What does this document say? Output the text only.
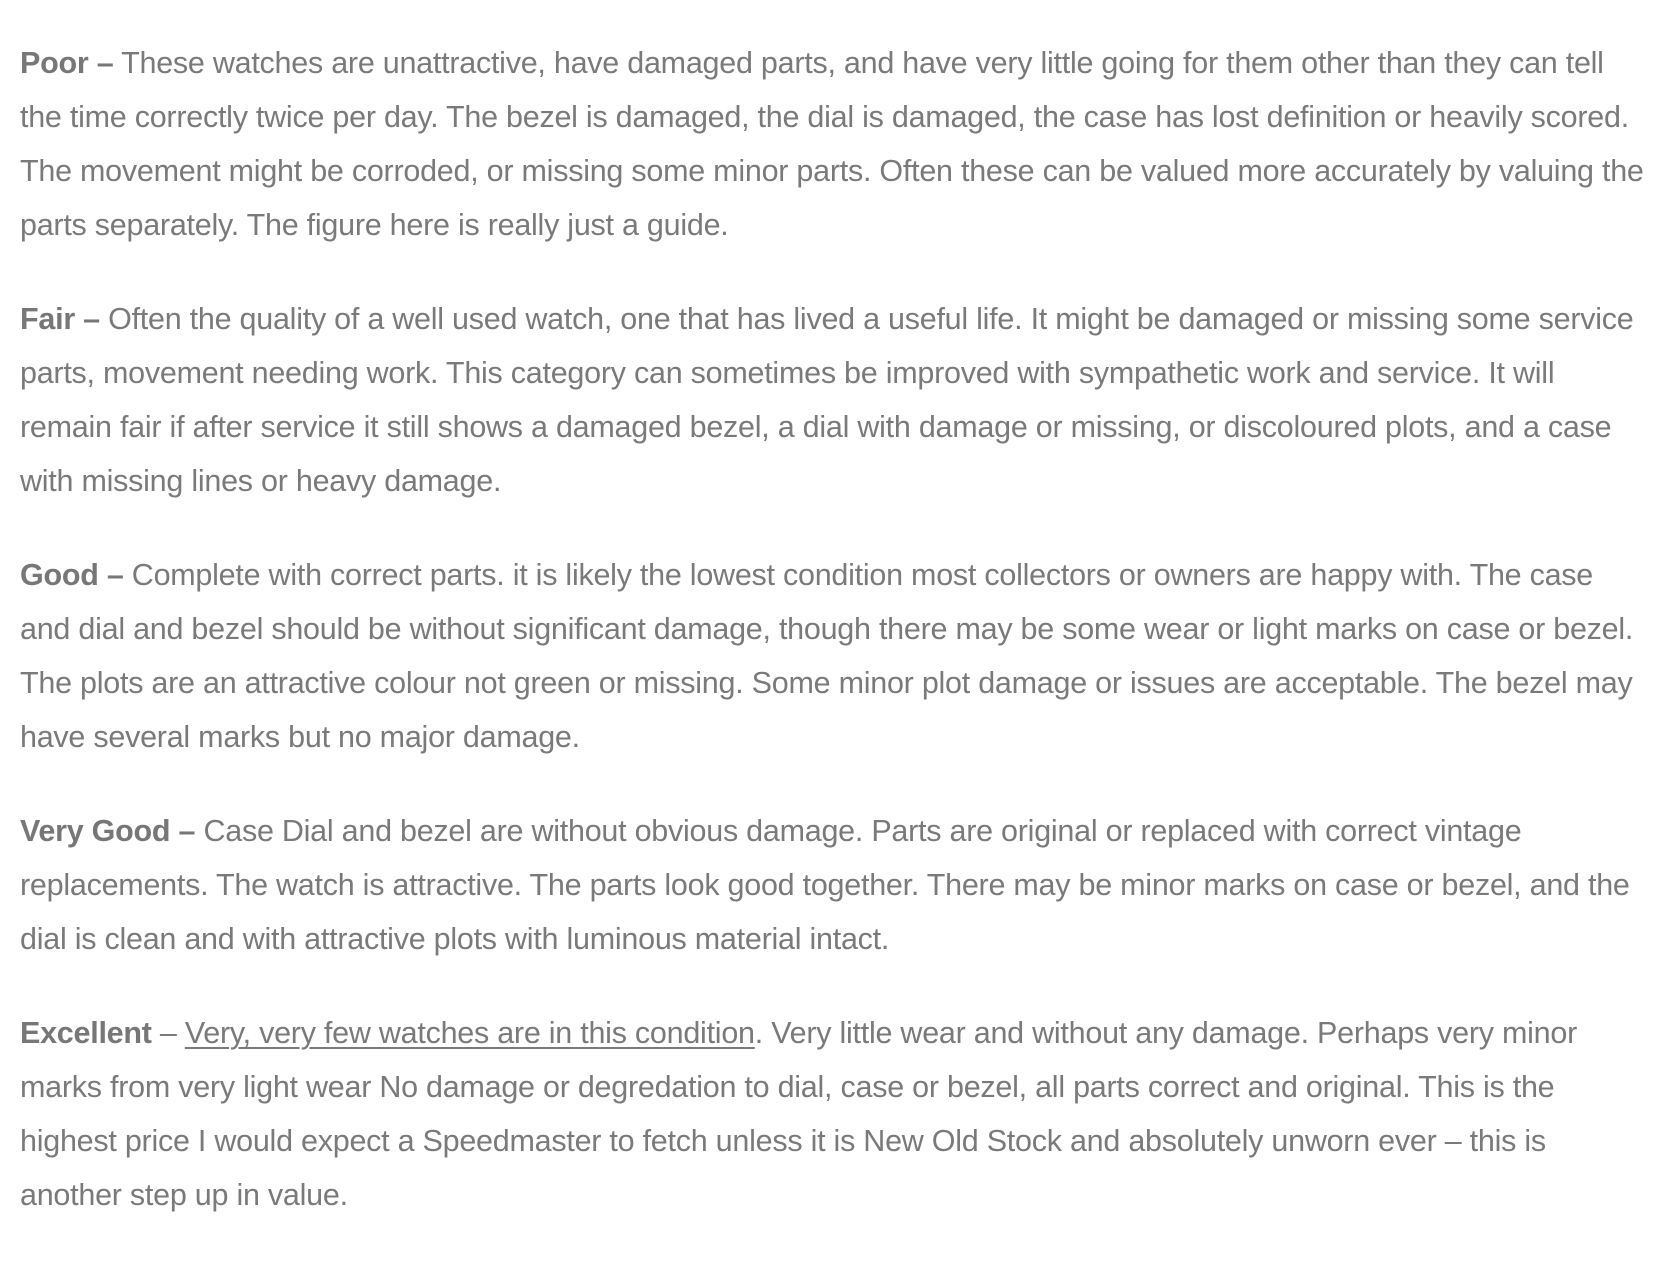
Poor – These watches are unattractive, have damaged parts, and have very little going for them other than they can tell the time correctly twice per day. The bezel is damaged, the dial is damaged, the case has lost definition or heavily scored. The movement might be corroded, or missing some minor parts. Often these can be valued more accurately by valuing the parts separately. The figure here is really just a guide.

Fair – Often the quality of a well used watch, one that has lived a useful life. It might be damaged or missing some service parts, movement needing work. This category can sometimes be improved with sympathetic work and service. It will remain fair if after service it still shows a damaged bezel, a dial with damage or missing, or discoloured plots, and a case with missing lines or heavy damage.

Good – Complete with correct parts. it is likely the lowest condition most collectors or owners are happy with. The case and dial and bezel should be without significant damage, though there may be some wear or light marks on case or bezel. The plots are an attractive colour not green or missing. Some minor plot damage or issues are acceptable. The bezel may have several marks but no major damage.

Very Good – Case Dial and bezel are without obvious damage. Parts are original or replaced with correct vintage replacements. The watch is attractive. The parts look good together. There may be minor marks on case or bezel, and the dial is clean and with attractive plots with luminous material intact.

Excellent – Very, very few watches are in this condition. Very little wear and without any damage. Perhaps very minor marks from very light wear No damage or degredation to dial, case or bezel, all parts correct and original. This is the highest price I would expect a Speedmaster to fetch unless it is New Old Stock and absolutely unworn ever – this is another step up in value.
